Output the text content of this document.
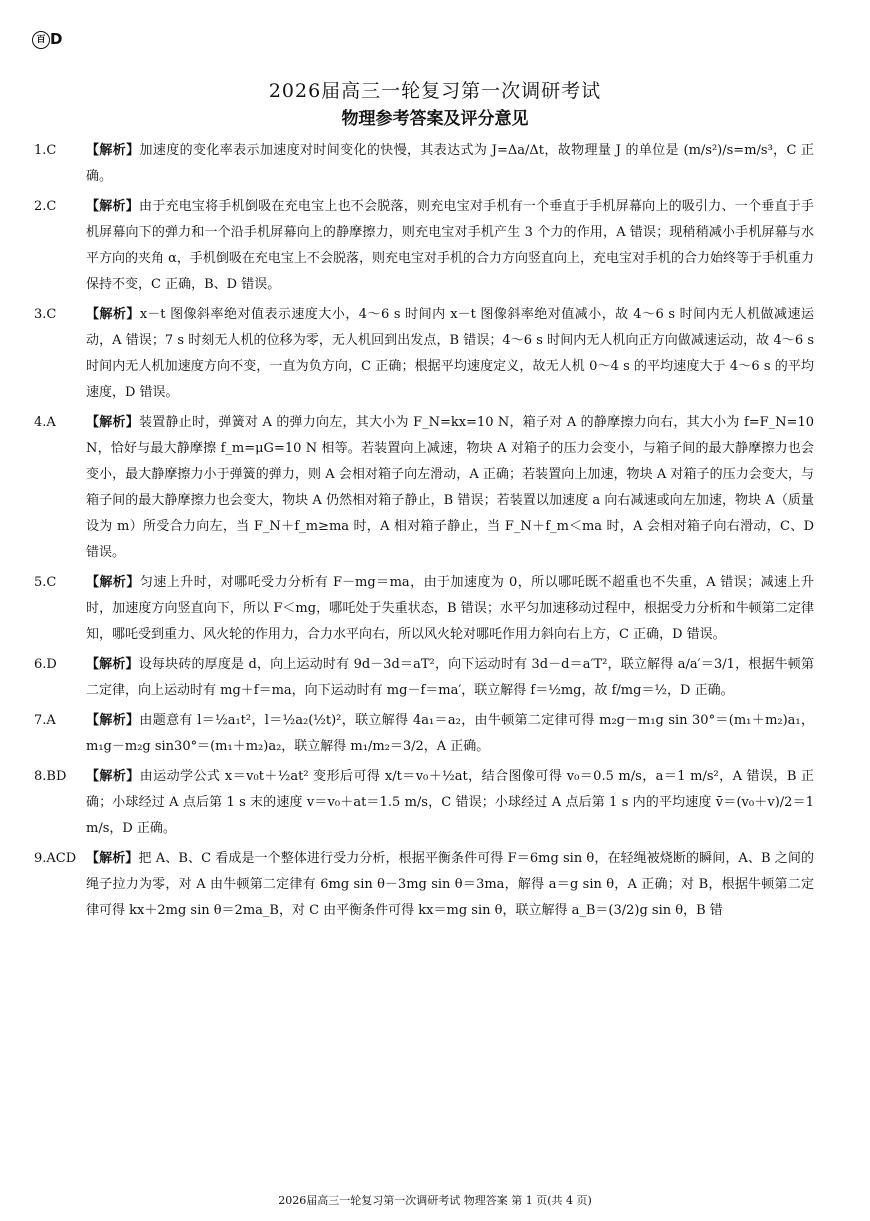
百 D
2026届高三一轮复习第一次调研考试
物理参考答案及评分意见
1.C	【解析】加速度的变化率表示加速度对时间变化的快慢，其表达式为 J=Δa/Δt，故物理量 J 的单位是 (m/s²)/s=m/s³，C 正确。

2.C	【解析】由于充电宝将手机倒吸在充电宝上也不会脱落，则充电宝对手机有一个垂直于手机屏幕向上的吸引力、一个垂直于手机屏幕向下的弹力和一个沿手机屏幕向上的静摩擦力，则充电宝对手机产生 3 个力的作用，A 错误；现稍稍减小手机屏幕与水平方向的夹角 α，手机倒吸在充电宝上不会脱落，则充电宝对手机的合力方向竖直向上，充电宝对手机的合力始终等于手机重力保持不变，C 正确，B、D 错误。

3.C	【解析】x－t 图像斜率绝对值表示速度大小，4～6 s 时间内 x－t 图像斜率绝对值减小，故 4～6 s 时间内无人机做减速运动，A 错误；7 s 时刻无人机的位移为零，无人机回到出发点，B 错误；4～6 s 时间内无人机向正方向做减速运动，故 4～6 s 时间内无人机加速度方向不变，一直为负方向，C 正确；根据平均速度定义，故无人机 0～4 s 的平均速度大于 4～6 s 的平均速度，D 错误。

4.A	【解析】装置静止时，弹簧对 A 的弹力向左，其大小为 F_N=kx=10 N，箱子对 A 的静摩擦力向右，其大小为 f=F_N=10 N，恰好与最大静摩擦 f_m=μG=10 N 相等。若装置向上减速，物块 A 对箱子的压力会变小，与箱子间的最大静摩擦力也会变小，最大静摩擦力小于弹簧的弹力，则 A 会相对箱子向左滑动，A 正确；若装置向上加速，物块 A 对箱子的压力会变大，与箱子间的最大静摩擦力也会变大，物块 A 仍然相对箱子静止，B 错误；若装置以加速度 a 向右减速或向左加速，物块 A（质量设为 m）所受合力向左，当 F_N＋f_m≥ma 时，A 相对箱子静止，当 F_N＋f_m＜ma 时，A 会相对箱子向右滑动，C、D 错误。

5.C	【解析】匀速上升时，对哪吒受力分析有 F－mg＝ma，由于加速度为 0，所以哪吒既不超重也不失重，A 错误；减速上升时，加速度方向竖直向下，所以 F＜mg，哪吒处于失重状态，B 错误；水平匀加速移动过程中，根据受力分析和牛顿第二定律知，哪吒受到重力、风火轮的作用力，合力水平向右，所以风火轮对哪吒作用力斜向右上方，C 正确，D 错误。

6.D	【解析】设每块砖的厚度是 d，向上运动时有 9d－3d＝aT²，向下运动时有 3d－d＝a′T²，联立解得 a/a′＝3/1，根据牛顿第二定律，向上运动时有 mg＋f＝ma，向下运动时有 mg－f＝ma′，联立解得 f＝½mg，故 f/mg＝½，D 正确。

7.A	【解析】由题意有 l＝½a₁t²，l＝½a₂(½t)²，联立解得 4a₁＝a₂，由牛顿第二定律可得 m₂g－m₁g sin 30°＝(m₁＋m₂)a₁，m₁g－m₂g sin30°＝(m₁＋m₂)a₂，联立解得 m₁/m₂＝3/2，A 正确。

8.BD	【解析】由运动学公式 x＝v₀t＋½at² 变形后可得 x/t＝v₀＋½at，结合图像可得 v₀＝0.5 m/s，a＝1 m/s²，A 错误，B 正确；小球经过 A 点后第 1 s 末的速度 v＝v₀＋at＝1.5 m/s，C 错误；小球经过 A 点后第 1 s 内的平均速度 v̄＝(v₀＋v)/2＝1 m/s，D 正确。

9.ACD 【解析】把 A、B、C 看成是一个整体进行受力分析，根据平衡条件可得 F＝6mg sin θ，在轻绳被烧断的瞬间，A、B 之间的绳子拉力为零，对 A 由牛顿第二定律有 6mg sin θ－3mg sin θ＝3ma，解得 a＝g sin θ，A 正确；对 B，根据牛顿第二定律可得 kx＋2mg sin θ＝2ma_B，对 C 由平衡条件可得 kx＝mg sin θ，联立解得 a_B＝(3/2)g sin θ，B 错

2026届高三一轮复习第一次调研考试 物理答案 第 1 页(共 4 页)
